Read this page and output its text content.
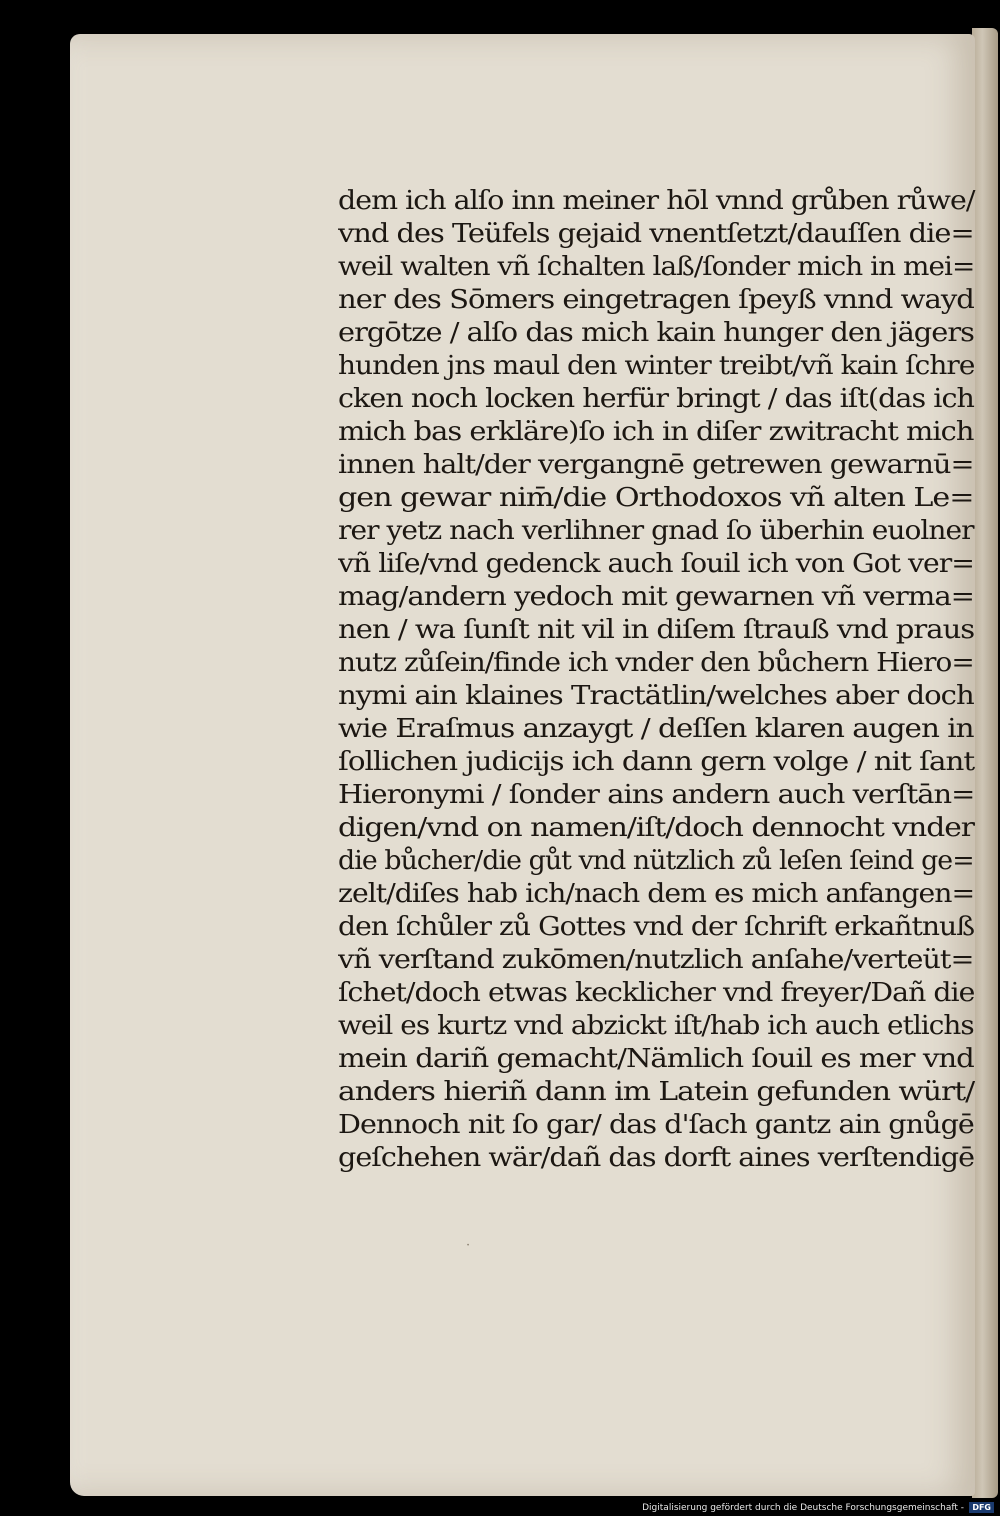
dem ich alſo inn meiner hōl vnnd grůben růwe/
vnd des Teüfels gejaid vnentſetzt/dauſſen die=
weil walten vñ ſchalten laß/ſonder mich in mei=
ner des Sōmers eingetragen ſpeyß vnnd wayd
ergōtze / alſo das mich kain hunger den jägers
hunden jns maul den winter treibt/vñ kain ſchre
cken noch locken herfür bringt / das iſt(das ich
mich bas erkläre)ſo ich in diſer zwitracht mich
innen halt/der vergangnē getrewen gewarnū=
gen gewar nim̄/die Orthodoxos vñ alten Le=
rer yetz nach verlihner gnad ſo überhin euolner
vñ liſe/vnd gedenck auch ſouil ich von Got ver=
mag/andern yedoch mit gewarnen vñ verma=
nen / wa ſunſt nit vil in diſem ſtrauß vnd praus
nutz zůſein/finde ich vnder den bůchern Hiero=
nymi ain klaines Tractätlin/welches aber doch
wie Eraſmus anzaygt / deſſen klaren augen in
ſollichen judicijs ich dann gern volge / nit ſant
Hieronymi / ſonder ains andern auch verſtān=
digen/vnd on namen/iſt/doch dennocht vnder
die bůcher/die gůt vnd nützlich zů leſen ſeind ge=
zelt/diſes hab ich/nach dem es mich anfangen=
den ſchůler zů Gottes vnd der ſchrift erkañtnuß
vñ verſtand zukōmen/nutzlich anſahe/verteüt=
ſchet/doch etwas kecklicher vnd freyer/Dañ die
weil es kurtz vnd abzickt iſt/hab ich auch etlichs
mein dariñ gemacht/Nämlich ſouil es mer vnd
anders hieriñ dann im Latein gefunden würt/
Dennoch nit ſo gar/ das d'ſach gantz ain gnůgē
geſchehen wär/dañ das dorft aines verſtendigē
·
Digitalisierung gefördert durch die Deutsche Forschungsgemeinschaft -	DFG
